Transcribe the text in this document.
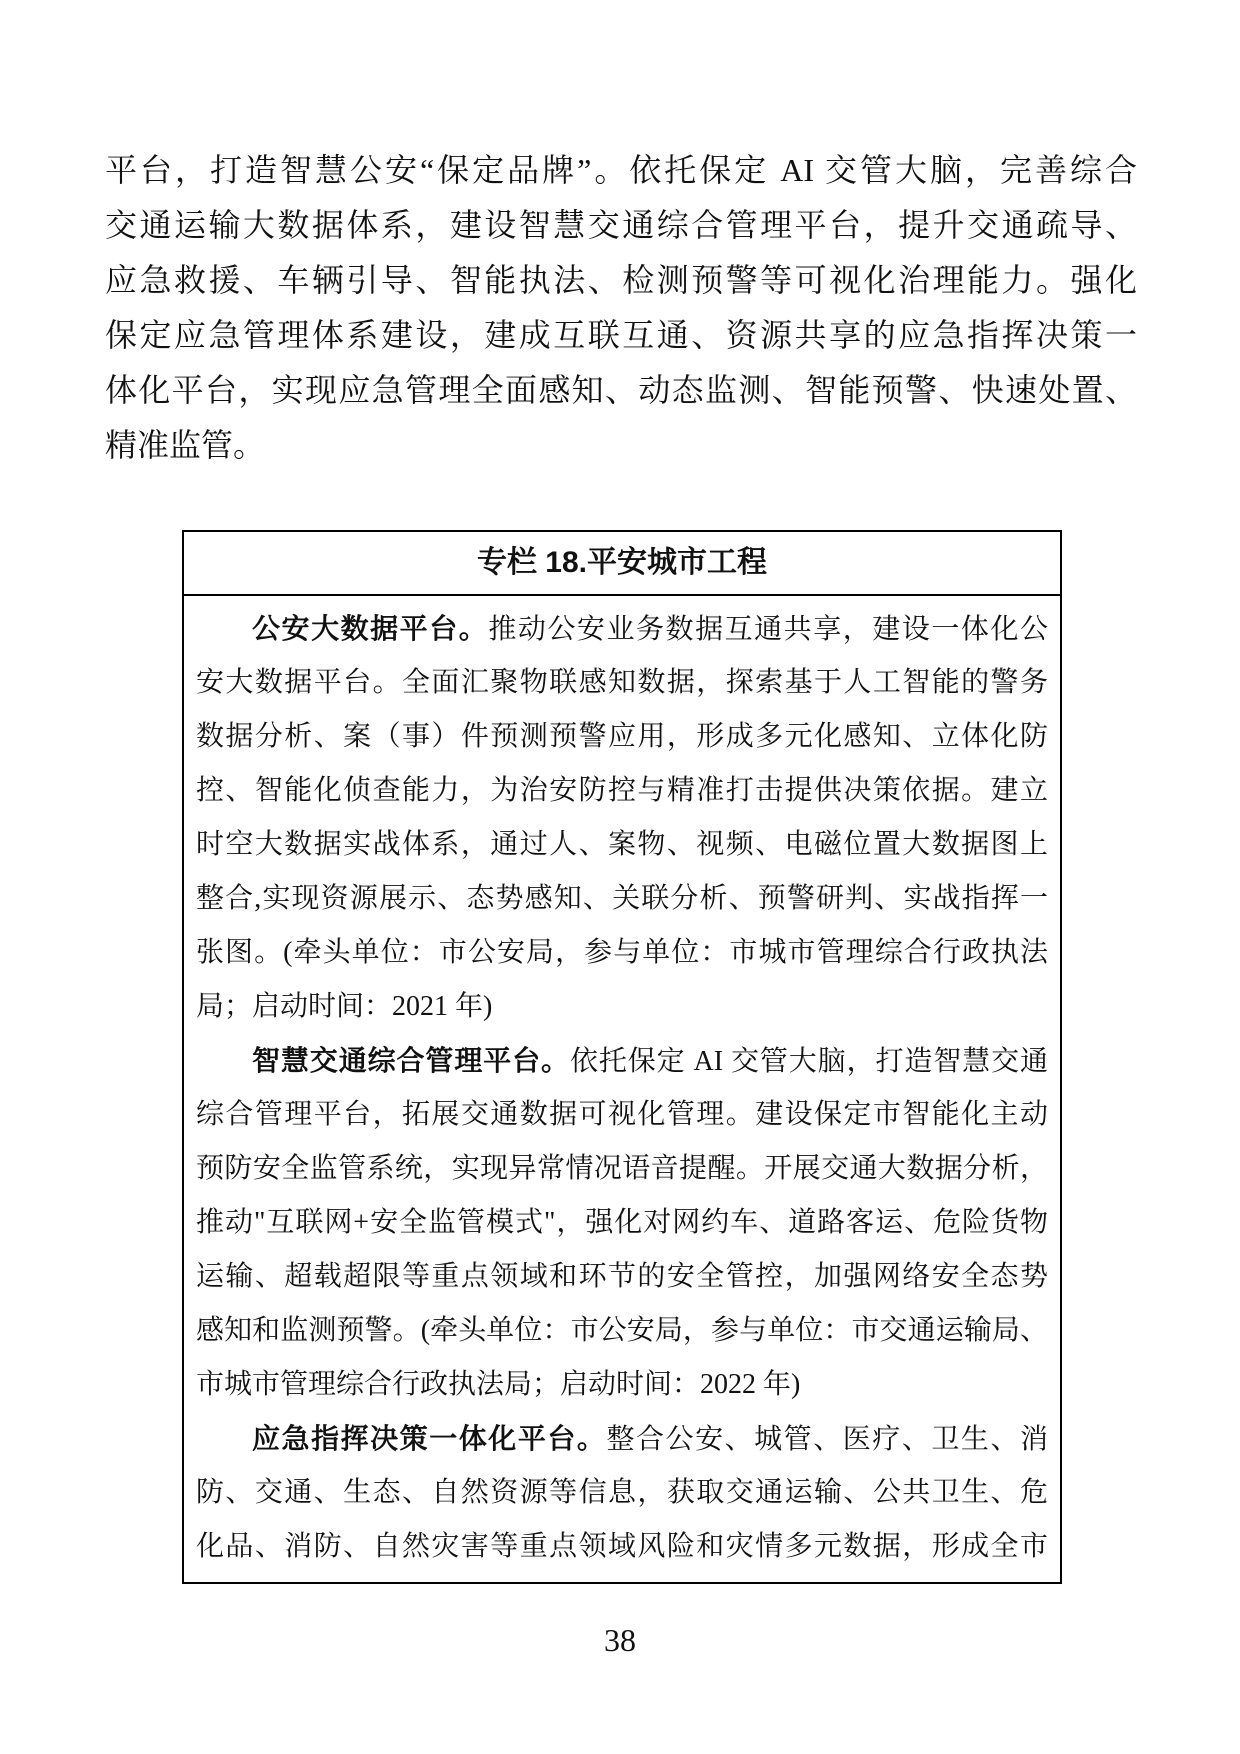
平台，打造智慧公安“保定品牌”。依托保定 AI 交管大脑，完善综合
交通运输大数据体系，建设智慧交通综合管理平台，提升交通疏导、
应急救援、车辆引导、智能执法、检测预警等可视化治理能力。强化
保定应急管理体系建设，建成互联互通、资源共享的应急指挥决策一
体化平台，实现应急管理全面感知、动态监测、智能预警、快速处置、
精准监管。
专栏 18.平安城市工程
公安大数据平台。推动公安业务数据互通共享，建设一体化公
安大数据平台。全面汇聚物联感知数据，探索基于人工智能的警务
数据分析、案（事）件预测预警应用，形成多元化感知、立体化防
控、智能化侦查能力，为治安防控与精准打击提供决策依据。建立
时空大数据实战体系，通过人、案物、视频、电磁位置大数据图上
整合,实现资源展示、态势感知、关联分析、预警研判、实战指挥一
张图。(牵头单位：市公安局，参与单位：市城市管理综合行政执法
局；启动时间：2021 年)
智慧交通综合管理平台。依托保定 AI 交管大脑，打造智慧交通
综合管理平台，拓展交通数据可视化管理。建设保定市智能化主动
预防安全监管系统，实现异常情况语音提醒。开展交通大数据分析，
推动"互联网+安全监管模式"，强化对网约车、道路客运、危险货物
运输、超载超限等重点领域和环节的安全管控，加强网络安全态势
感知和监测预警。(牵头单位：市公安局，参与单位：市交通运输局、
市城市管理综合行政执法局；启动时间：2022 年)
应急指挥决策一体化平台。整合公安、城管、医疗、卫生、消
防、交通、生态、自然资源等信息，获取交通运输、公共卫生、危
化品、消防、自然灾害等重点领域风险和灾情多元数据，形成全市
38
